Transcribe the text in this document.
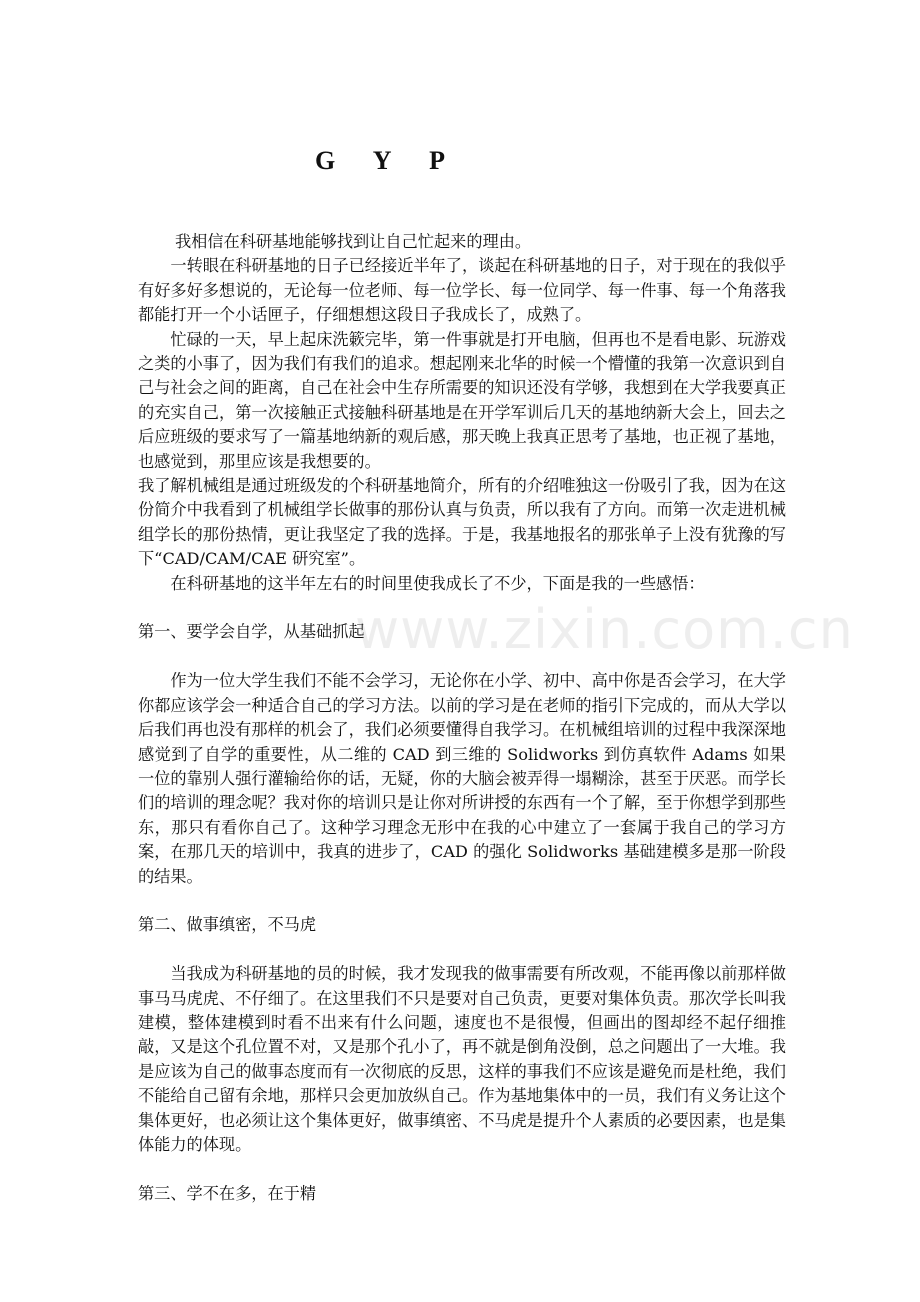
G Y P

我相信在科研基地能够找到让自己忙起来的理由。

一转眼在科研基地的日子已经接近半年了，谈起在科研基地的日子，对于现在的我似乎有好多好多想说的，无论每一位老师、每一位学长、每一位同学、每一件事、每一个角落我都能打开一个小话匣子，仔细想想这段日子我成长了，成熟了。

忙碌的一天，早上起床洗簌完毕，第一件事就是打开电脑，但再也不是看电影、玩游戏之类的小事了，因为我们有我们的追求。想起刚来北华的时候一个懵懂的我第一次意识到自己与社会之间的距离，自己在社会中生存所需要的知识还没有学够，我想到在大学我要真正的充实自己，第一次接触正式接触科研基地是在开学军训后几天的基地纳新大会上，回去之后应班级的要求写了一篇基地纳新的观后感，那天晚上我真正思考了基地，也正视了基地，也感觉到，那里应该是我想要的。

我了解机械组是通过班级发的个科研基地简介，所有的介绍唯独这一份吸引了我，因为在这份简介中我看到了机械组学长做事的那份认真与负责，所以我有了方向。而第一次走进机械组学长的那份热情，更让我坚定了我的选择。于是，我基地报名的那张单子上没有犹豫的写下“CAD/CAM/CAE 研究室”。

在科研基地的这半年左右的时间里使我成长了不少，下面是我的一些感悟：

第一、要学会自学，从基础抓起

作为一位大学生我们不能不会学习，无论你在小学、初中、高中你是否会学习，在大学你都应该学会一种适合自己的学习方法。以前的学习是在老师的指引下完成的，而从大学以后我们再也没有那样的机会了，我们必须要懂得自我学习。在机械组培训的过程中我深深地感觉到了自学的重要性，从二维的 CAD 到三维的 Solidworks 到仿真软件 Adams 如果一位的靠别人强行灌输给你的话，无疑，你的大脑会被弄得一塌糊涂，甚至于厌恶。而学长们的培训的理念呢？我对你的培训只是让你对所讲授的东西有一个了解，至于你想学到那些东，那只有看你自己了。这种学习理念无形中在我的心中建立了一套属于我自己的学习方案，在那几天的培训中，我真的进步了，CAD 的强化 Solidworks 基础建模多是那一阶段的结果。

第二、做事缜密，不马虎

当我成为科研基地的员的时候，我才发现我的做事需要有所改观，不能再像以前那样做事马马虎虎、不仔细了。在这里我们不只是要对自己负责，更要对集体负责。那次学长叫我建模，整体建模到时看不出来有什么问题，速度也不是很慢，但画出的图却经不起仔细推敲，又是这个孔位置不对，又是那个孔小了，再不就是倒角没倒，总之问题出了一大堆。我是应该为自己的做事态度而有一次彻底的反思，这样的事我们不应该是避免而是杜绝，我们不能给自己留有余地，那样只会更加放纵自己。作为基地集体中的一员，我们有义务让这个集体更好，也必须让这个集体更好，做事缜密、不马虎是提升个人素质的必要因素，也是集体能力的体现。

第三、学不在多，在于精

www.zixin.com.cn
